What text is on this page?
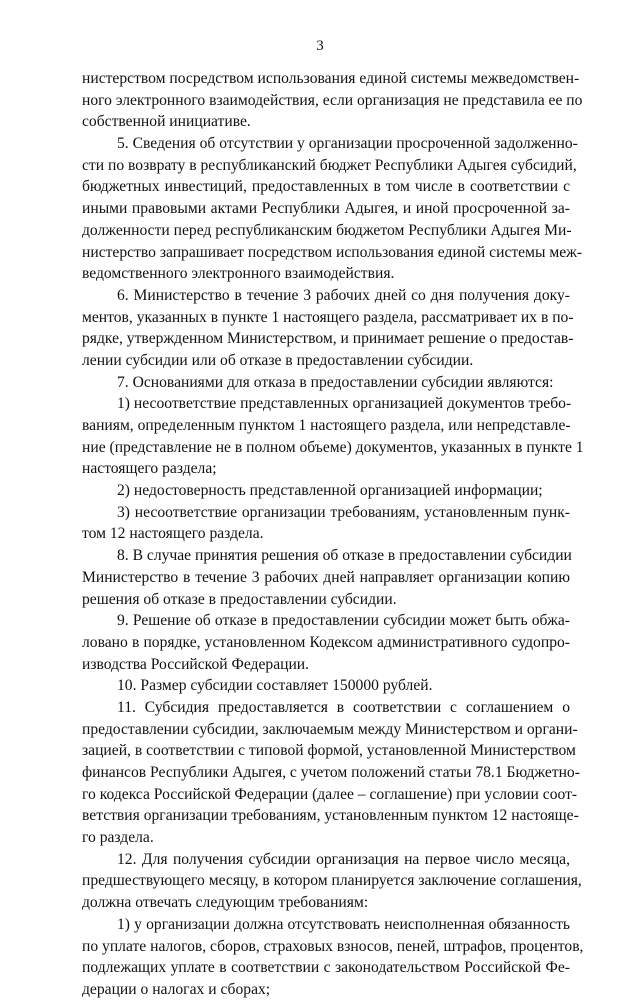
3
нистерством посредством использования единой системы межведомствен-
ного электронного взаимодействия, если организация не представила ее по
собственной инициативе.
5. Сведения об отсутствии у организации просроченной задолженно-
сти по возврату в республиканский бюджет Республики Адыгея субсидий,
бюджетных инвестиций, предоставленных в том числе в соответствии с
иными правовыми актами Республики Адыгея, и иной просроченной за-
долженности перед республиканским бюджетом Республики Адыгея Ми-
нистерство запрашивает посредством использования единой системы меж-
ведомственного электронного взаимодействия.
6. Министерство в течение 3 рабочих дней со дня получения доку-
ментов, указанных в пункте 1 настоящего раздела, рассматривает их в по-
рядке, утвержденном Министерством, и принимает решение о предостав-
лении субсидии или об отказе в предоставлении субсидии.
7. Основаниями для отказа в предоставлении субсидии являются:
1) несоответствие представленных организацией документов требо-
ваниям, определенным пунктом 1 настоящего раздела, или непредставле-
ние (представление не в полном объеме) документов, указанных в пункте 1
настоящего раздела;
2) недостоверность представленной организацией информации;
3) несоответствие организации требованиям, установленным пунк-
том 12 настоящего раздела.
8. В случае принятия решения об отказе в предоставлении субсидии
Министерство в течение 3 рабочих дней направляет организации копию
решения об отказе в предоставлении субсидии.
9. Решение об отказе в предоставлении субсидии может быть обжа-
ловано в порядке, установленном Кодексом административного судопро-
изводства Российской Федерации.
10. Размер субсидии составляет 150000 рублей.
11. Субсидия предоставляется в соответствии с соглашением о
предоставлении субсидии, заключаемым между Министерством и органи-
зацией, в соответствии с типовой формой, установленной Министерством
финансов Республики Адыгея, с учетом положений статьи 78.1 Бюджетно-
го кодекса Российской Федерации (далее – соглашение) при условии соот-
ветствия организации требованиям, установленным пунктом 12 настояще-
го раздела.
12. Для получения субсидии организация на первое число месяца,
предшествующего месяцу, в котором планируется заключение соглашения,
должна отвечать следующим требованиям:
1) у организации должна отсутствовать неисполненная обязанность
по уплате налогов, сборов, страховых взносов, пеней, штрафов, процентов,
подлежащих уплате в соответствии с законодательством Российской Фе-
дерации о налогах и сборах;
